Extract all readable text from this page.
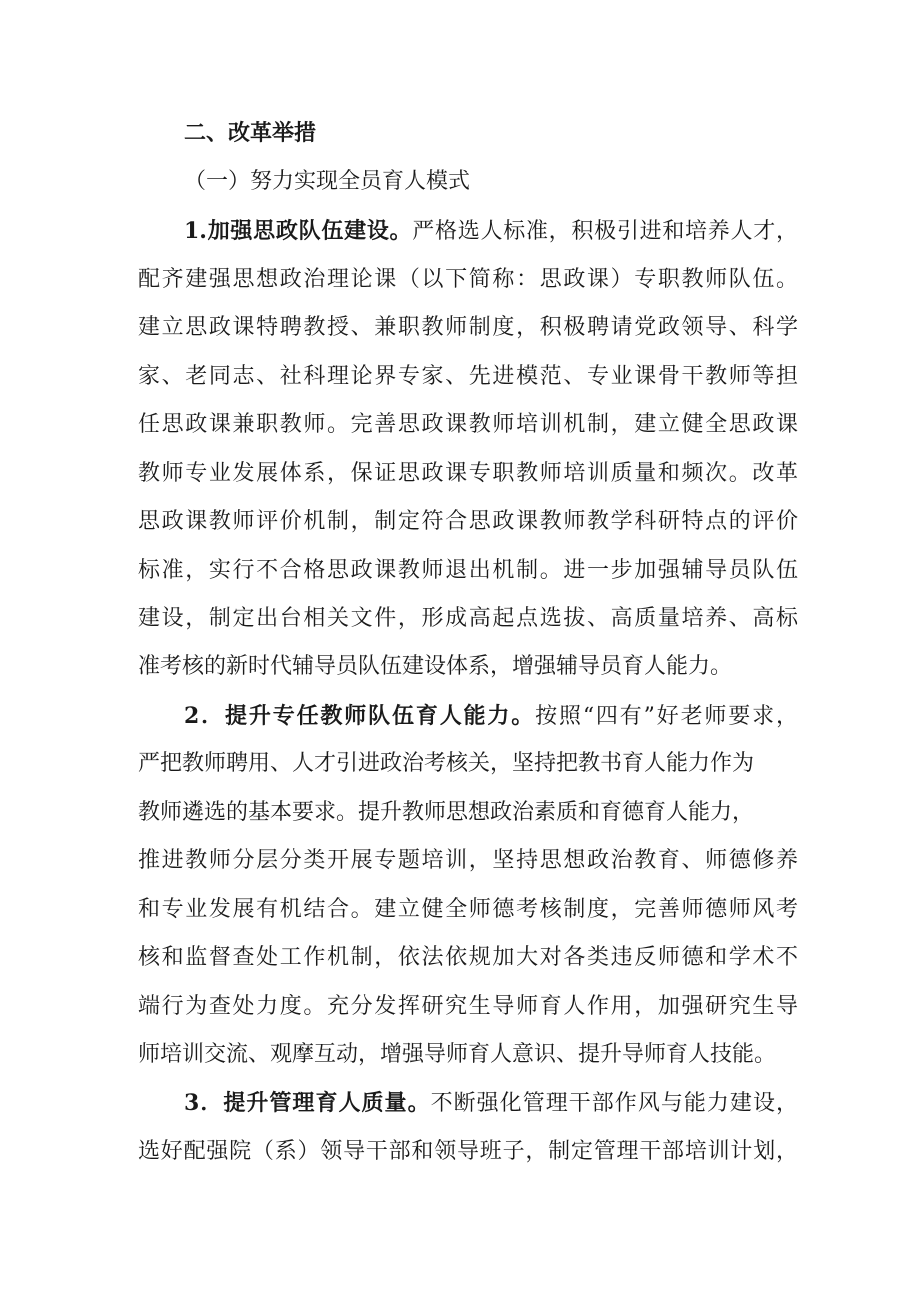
二、改革举措
（一）努力实现全员育人模式
1.加强思政队伍建设。严格选人标准，积极引进和培养人才，
配齐建强思想政治理论课（以下简称：思政课）专职教师队伍。
建立思政课特聘教授、兼职教师制度，积极聘请党政领导、科学
家、老同志、社科理论界专家、先进模范、专业课骨干教师等担
任思政课兼职教师。完善思政课教师培训机制，建立健全思政课
教师专业发展体系，保证思政课专职教师培训质量和频次。改革
思政课教师评价机制，制定符合思政课教师教学科研特点的评价
标准，实行不合格思政课教师退出机制。进一步加强辅导员队伍
建设，制定出台相关文件，形成高起点选拔、高质量培养、高标
准考核的新时代辅导员队伍建设体系，增强辅导员育人能力。
2．提升专任教师队伍育人能力。按照“四有”好老师要求，
严把教师聘用、人才引进政治考核关，坚持把教书育人能力作为
教师遴选的基本要求。提升教师思想政治素质和育德育人能力，
推进教师分层分类开展专题培训，坚持思想政治教育、师德修养
和专业发展有机结合。建立健全师德考核制度，完善师德师风考
核和监督查处工作机制，依法依规加大对各类违反师德和学术不
端行为查处力度。充分发挥研究生导师育人作用，加强研究生导
师培训交流、观摩互动，增强导师育人意识、提升导师育人技能。
3．提升管理育人质量。不断强化管理干部作风与能力建设，
选好配强院（系）领导干部和领导班子，制定管理干部培训计划，
